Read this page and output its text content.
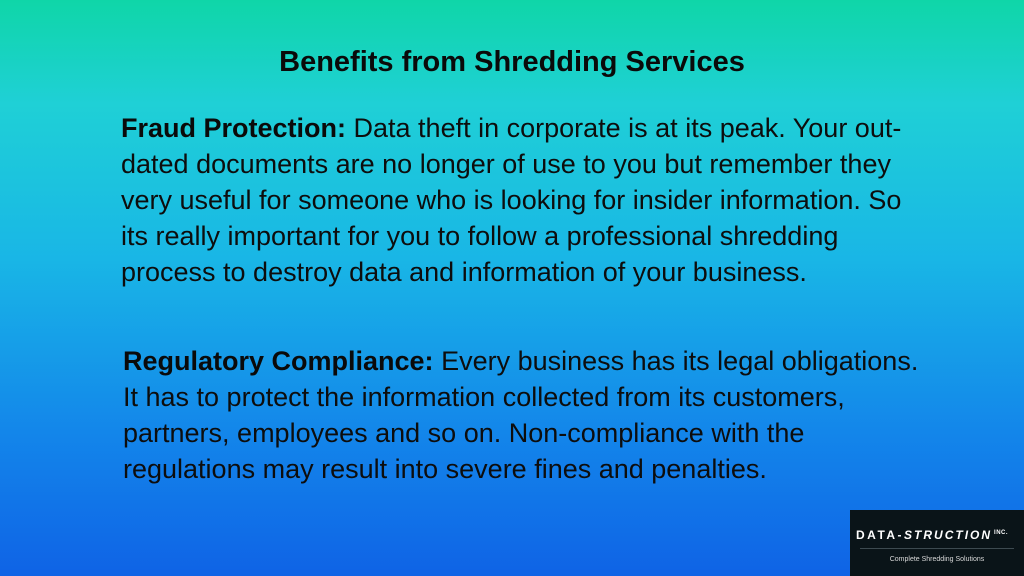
Benefits from Shredding Services
Fraud Protection: Data theft in corporate is at its peak. Your out-dated documents are no longer of use to you but remember they very useful for someone who is looking for insider information. So its really important for you to follow a professional shredding process to destroy data and information of your business.
Regulatory Compliance: Every business has its legal obligations. It has to protect the information collected from its customers, partners, employees and so on. Non-compliance with the regulations may result into severe fines and penalties.
DATA-STRUCTION $^{INC.}$
Complete Shredding Solutions
